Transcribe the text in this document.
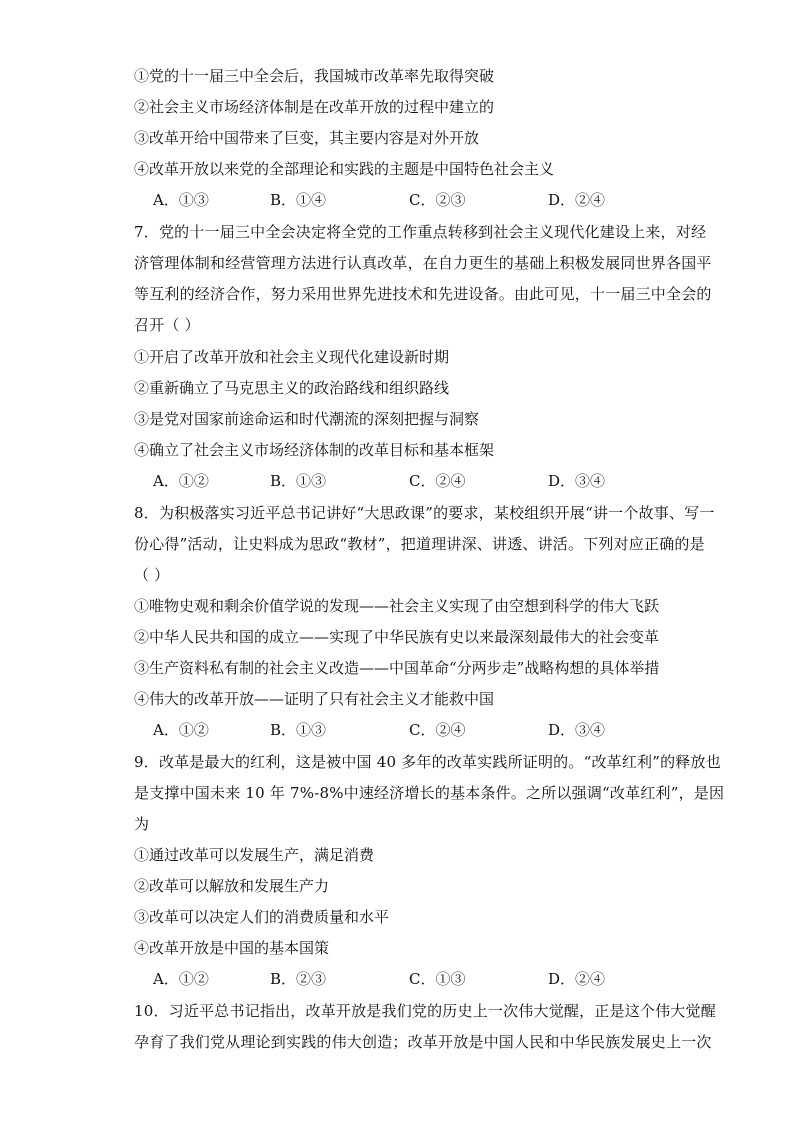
①党的十一届三中全会后，我国城市改革率先取得突破
②社会主义市场经济体制是在改革开放的过程中建立的
③改革开给中国带来了巨变，其主要内容是对外开放
④改革开放以来党的全部理论和实践的主题是中国特色社会主义
A．①③	B．①④	C．②③	D．②④
7．党的十一届三中全会决定将全党的工作重点转移到社会主义现代化建设上来，对经
济管理体制和经营管理方法进行认真改革，在自力更生的基础上积极发展同世界各国平
等互利的经济合作，努力采用世界先进技术和先进设备。由此可见，十一届三中全会的
召开（ ）
①开启了改革开放和社会主义现代化建设新时期
②重新确立了马克思主义的政治路线和组织路线
③是党对国家前途命运和时代潮流的深刻把握与洞察
④确立了社会主义市场经济体制的改革目标和基本框架
A．①②	B．①③	C．②④	D．③④
8．为积极落实习近平总书记讲好“大思政课”的要求，某校组织开展“讲一个故事、写一
份心得”活动，让史料成为思政“教材”，把道理讲深、讲透、讲活。下列对应正确的是
（ ）
①唯物史观和剩余价值学说的发现——社会主义实现了由空想到科学的伟大飞跃
②中华人民共和国的成立——实现了中华民族有史以来最深刻最伟大的社会变革
③生产资料私有制的社会主义改造——中国革命“分两步走”战略构想的具体举措
④伟大的改革开放——证明了只有社会主义才能救中国
A．①②	B．①③	C．②④	D．③④
9．改革是最大的红利，这是被中国 40 多年的改革实践所证明的。“改革红利”的释放也
是支撑中国未来 10 年 7%-8%中速经济增长的基本条件。之所以强调“改革红利”，是因
为
①通过改革可以发展生产，满足消费
②改革可以解放和发展生产力
③改革可以决定人们的消费质量和水平
④改革开放是中国的基本国策
A．①②	B．②③	C．①③	D．②④
10．习近平总书记指出，改革开放是我们党的历史上一次伟大觉醒，正是这个伟大觉醒
孕育了我们党从理论到实践的伟大创造；改革开放是中国人民和中华民族发展史上一次
